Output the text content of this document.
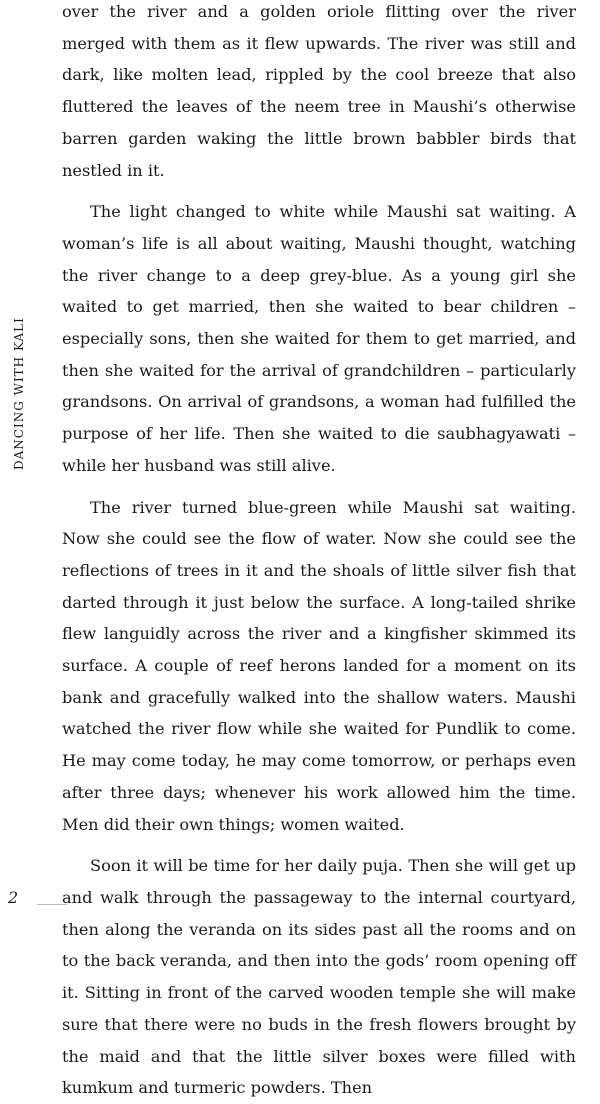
DANCING WITH KALI

over the river and a golden oriole flitting over the river merged with them as it flew upwards. The river was still and dark, like molten lead, rippled by the cool breeze that also fluttered the leaves of the neem tree in Maushi’s otherwise barren garden waking the little brown babbler birds that nestled in it.

The light changed to white while Maushi sat waiting. A woman’s life is all about waiting, Maushi thought, watching the river change to a deep grey-blue. As a young girl she waited to get married, then she waited to bear children – especially sons, then she waited for them to get married, and then she waited for the arrival of grandchildren – particularly grandsons. On arrival of grandsons, a woman had fulfilled the purpose of her life. Then she waited to die saubhagyawati – while her husband was still alive.

The river turned blue-green while Maushi sat waiting. Now she could see the flow of water. Now she could see the reflections of trees in it and the shoals of little silver fish that darted through it just below the surface. A long-tailed shrike flew languidly across the river and a kingfisher skimmed its surface. A couple of reef herons landed for a moment on its bank and gracefully walked into the shallow waters. Maushi watched the river flow while she waited for Pundlik to come. He may come today, he may come tomorrow, or perhaps even after three days; whenever his work allowed him the time. Men did their own things; women waited.

Soon it will be time for her daily puja. Then she will get up and walk through the passageway to the internal courtyard, then along the veranda on its sides past all the rooms and on to the back veranda, and then into the gods’ room opening off it. Sitting in front of the carved wooden temple she will make sure that there were no buds in the fresh flowers brought by the maid and that the little silver boxes were filled with kumkum and turmeric powders. Then

2
